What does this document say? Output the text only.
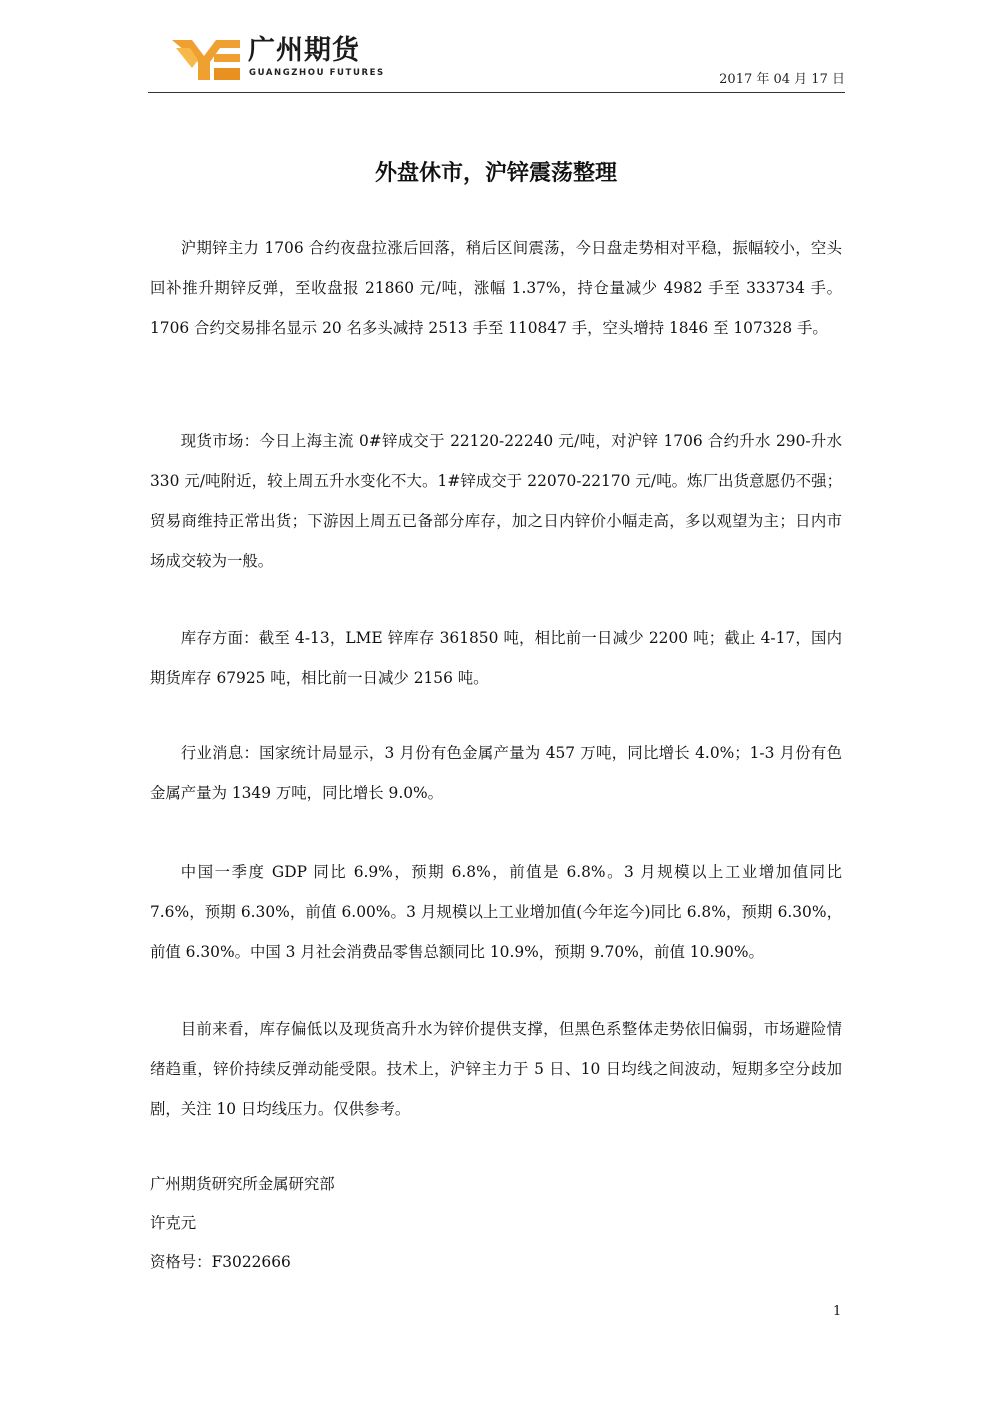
广州期货
GUANGZHOU FUTURES	2017 年 04 月 17 日
外盘休市，沪锌震荡整理

沪期锌主力 1706 合约夜盘拉涨后回落，稍后区间震荡，今日盘走势相对平稳，振幅较小，空头回补推升期锌反弹，至收盘报 21860 元/吨，涨幅 1.37%，持仓量减少 4982 手至 333734 手。1706 合约交易排名显示 20 名多头减持 2513 手至 110847 手，空头增持 1846 至 107328 手。

现货市场：今日上海主流 0#锌成交于 22120-22240 元/吨，对沪锌 1706 合约升水 290-升水 330 元/吨附近，较上周五升水变化不大。1#锌成交于 22070-22170 元/吨。炼厂出货意愿仍不强；贸易商维持正常出货；下游因上周五已备部分库存，加之日内锌价小幅走高，多以观望为主；日内市场成交较为一般。

库存方面：截至 4-13，LME 锌库存 361850 吨，相比前一日减少 2200 吨；截止 4-17，国内期货库存 67925 吨，相比前一日减少 2156 吨。

行业消息：国家统计局显示，3 月份有色金属产量为 457 万吨，同比增长 4.0%；1-3 月份有色金属产量为 1349 万吨，同比增长 9.0%。

中国一季度 GDP 同比 6.9%，预期 6.8%，前值是 6.8%。3 月规模以上工业增加值同比 7.6%，预期 6.30%，前值 6.00%。3 月规模以上工业增加值(今年迄今)同比 6.8%，预期 6.30%，前值 6.30%。中国 3 月社会消费品零售总额同比 10.9%，预期 9.70%，前值 10.90%。

目前来看，库存偏低以及现货高升水为锌价提供支撑，但黑色系整体走势依旧偏弱，市场避险情绪趋重，锌价持续反弹动能受限。技术上，沪锌主力于 5 日、10 日均线之间波动，短期多空分歧加剧，关注 10 日均线压力。仅供参考。

广州期货研究所金属研究部
许克元
资格号：F3022666
1
